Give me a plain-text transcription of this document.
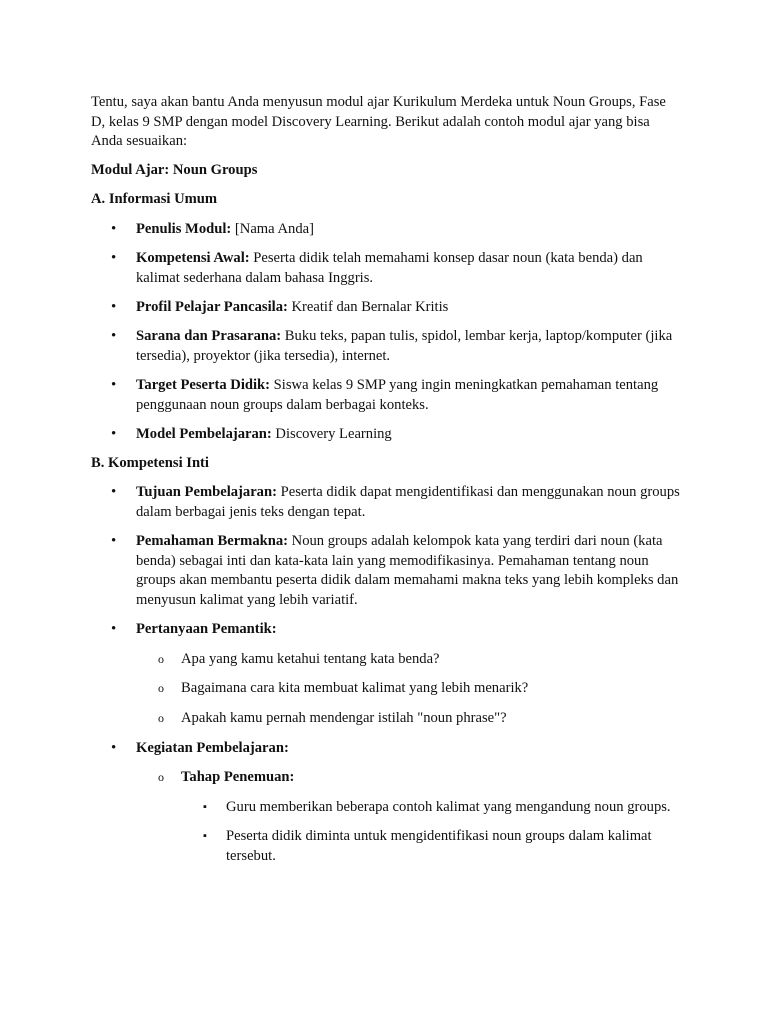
Tentu, saya akan bantu Anda menyusun modul ajar Kurikulum Merdeka untuk Noun Groups, Fase D, kelas 9 SMP dengan model Discovery Learning. Berikut adalah contoh modul ajar yang bisa Anda sesuaikan:

Modul Ajar: Noun Groups

A. Informasi Umum

• Penulis Modul: [Nama Anda]
• Kompetensi Awal: Peserta didik telah memahami konsep dasar noun (kata benda) dan kalimat sederhana dalam bahasa Inggris.
• Profil Pelajar Pancasila: Kreatif dan Bernalar Kritis
• Sarana dan Prasarana: Buku teks, papan tulis, spidol, lembar kerja, laptop/komputer (jika tersedia), proyektor (jika tersedia), internet.
• Target Peserta Didik: Siswa kelas 9 SMP yang ingin meningkatkan pemahaman tentang penggunaan noun groups dalam berbagai konteks.
• Model Pembelajaran: Discovery Learning

B. Kompetensi Inti

• Tujuan Pembelajaran: Peserta didik dapat mengidentifikasi dan menggunakan noun groups dalam berbagai jenis teks dengan tepat.
• Pemahaman Bermakna: Noun groups adalah kelompok kata yang terdiri dari noun (kata benda) sebagai inti dan kata-kata lain yang memodifikasinya. Pemahaman tentang noun groups akan membantu peserta didik dalam memahami makna teks yang lebih kompleks dan menyusun kalimat yang lebih variatif.
• Pertanyaan Pemantik:
o Apa yang kamu ketahui tentang kata benda?
o Bagaimana cara kita membuat kalimat yang lebih menarik?
o Apakah kamu pernah mendengar istilah "noun phrase"?
• Kegiatan Pembelajaran:
o Tahap Penemuan:
▪ Guru memberikan beberapa contoh kalimat yang mengandung noun groups.
▪ Peserta didik diminta untuk mengidentifikasi noun groups dalam kalimat tersebut.
